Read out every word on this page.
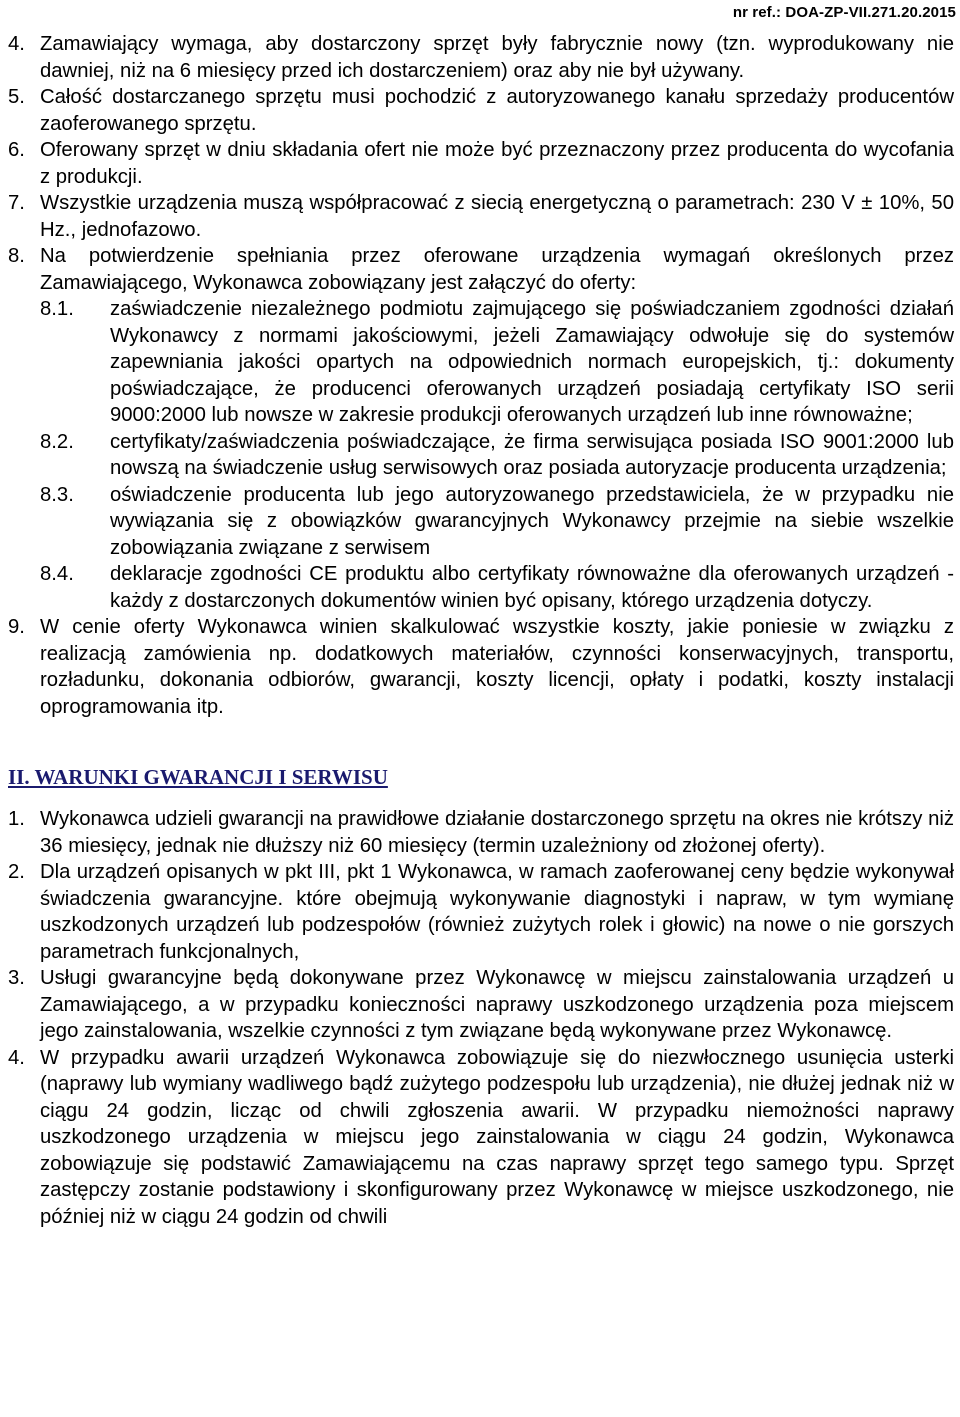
nr ref.: DOA-ZP-VII.271.20.2015
4. Zamawiający wymaga, aby dostarczony sprzęt były fabrycznie nowy (tzn. wyprodukowany nie dawniej, niż na 6 miesięcy przed ich dostarczeniem) oraz aby nie był używany.
5. Całość dostarczanego sprzętu musi pochodzić z autoryzowanego kanału sprzedaży producentów zaoferowanego sprzętu.
6. Oferowany sprzęt w dniu składania ofert nie może być przeznaczony przez producenta do wycofania z produkcji.
7. Wszystkie urządzenia muszą współpracować z siecią energetyczną o parametrach: 230 V ± 10%, 50 Hz., jednofazowo.
8. Na potwierdzenie spełniania przez oferowane urządzenia wymagań określonych przez Zamawiającego, Wykonawca zobowiązany jest załączyć do oferty:
8.1.	zaświadczenie niezależnego podmiotu zajmującego się poświadczaniem zgodności działań Wykonawcy z normami jakościowymi, jeżeli Zamawiający odwołuje się do systemów zapewniania jakości opartych na odpowiednich normach europejskich, tj.: dokumenty poświadczające, że producenci oferowanych urządzeń posiadają certyfikaty ISO serii 9000:2000 lub nowsze w zakresie produkcji oferowanych urządzeń lub inne równoważne;
8.2.	certyfikaty/zaświadczenia poświadczające, że firma serwisująca posiada ISO 9001:2000 lub nowszą na świadczenie usług serwisowych oraz posiada autoryzacje producenta urządzenia;
8.3.	oświadczenie producenta lub jego autoryzowanego przedstawiciela, że w przypadku nie wywiązania się z obowiązków gwarancyjnych Wykonawcy przejmie na siebie wszelkie zobowiązania związane z serwisem
8.4.	deklaracje zgodności CE produktu albo certyfikaty równoważne dla oferowanych urządzeń - każdy z dostarczonych dokumentów winien być opisany, którego urządzenia dotyczy.
9. W cenie oferty Wykonawca winien skalkulować wszystkie koszty, jakie poniesie w związku z realizacją zamówienia np. dodatkowych materiałów, czynności konserwacyjnych, transportu, rozładunku, dokonania odbiorów, gwarancji, koszty licencji, opłaty i podatki, koszty instalacji oprogramowania itp.
II. WARUNKI GWARANCJI I SERWISU
1. Wykonawca udzieli gwarancji na prawidłowe działanie dostarczonego sprzętu na okres nie krótszy niż 36 miesięcy, jednak nie dłuższy niż 60 miesięcy (termin uzależniony od złożonej oferty).
2. Dla urządzeń opisanych w pkt III, pkt 1 Wykonawca, w ramach zaoferowanej ceny będzie wykonywał świadczenia gwarancyjne. które obejmują wykonywanie diagnostyki i napraw, w tym wymianę uszkodzonych urządzeń lub podzespołów (również zużytych rolek i głowic) na nowe o nie gorszych parametrach funkcjonalnych,
3. Usługi gwarancyjne będą dokonywane przez Wykonawcę w miejscu zainstalowania urządzeń u Zamawiającego, a w przypadku konieczności naprawy uszkodzonego urządzenia poza miejscem jego zainstalowania, wszelkie czynności z tym związane będą wykonywane przez Wykonawcę.
4. W przypadku awarii urządzeń Wykonawca zobowiązuje się do niezwłocznego usunięcia usterki (naprawy lub wymiany wadliwego bądź zużytego podzespołu lub urządzenia), nie dłużej jednak niż w ciągu 24 godzin, licząc od chwili zgłoszenia awarii. W przypadku niemożności naprawy uszkodzonego urządzenia w miejscu jego zainstalowania w ciągu 24 godzin, Wykonawca zobowiązuje się podstawić Zamawiającemu na czas naprawy sprzęt tego samego typu. Sprzęt zastępczy zostanie podstawiony i skonfigurowany przez Wykonawcę w miejsce uszkodzonego, nie później niż w ciągu 24 godzin od chwili
